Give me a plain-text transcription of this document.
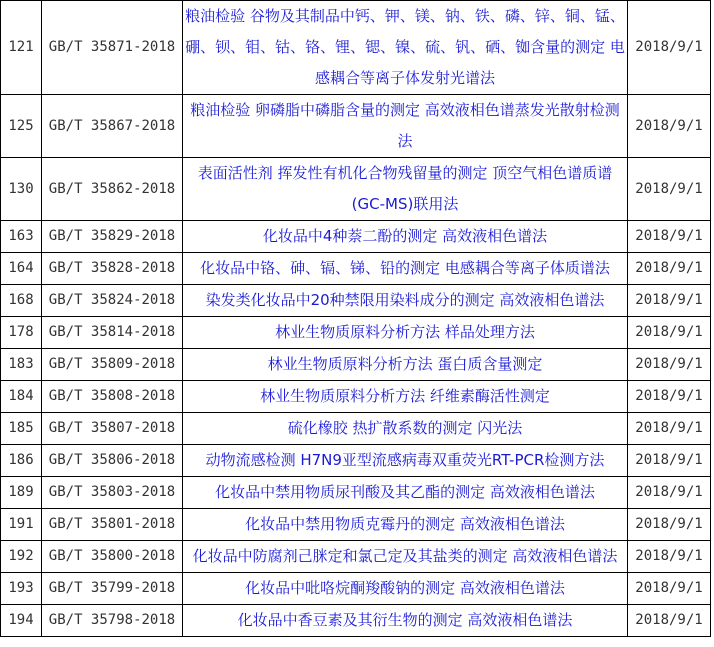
121	GB/T 35871-2018	粮油检验 谷物及其制品中钙、钾、镁、钠、铁、磷、锌、铜、锰、硼、钡、钼、钴、铬、锂、锶、镍、硫、钒、硒、铷含量的测定 电感耦合等离子体发射光谱法	2018/9/1
125	GB/T 35867-2018	粮油检验 卵磷脂中磷脂含量的测定 高效液相色谱蒸发光散射检测法	2018/9/1
130	GB/T 35862-2018	表面活性剂 挥发性有机化合物残留量的测定 顶空气相色谱质谱(GC-MS)联用法	2018/9/1
163	GB/T 35829-2018	化妆品中4种萘二酚的测定 高效液相色谱法	2018/9/1
164	GB/T 35828-2018	化妆品中铬、砷、镉、锑、铅的测定 电感耦合等离子体质谱法	2018/9/1
168	GB/T 35824-2018	染发类化妆品中20种禁限用染料成分的测定 高效液相色谱法	2018/9/1
178	GB/T 35814-2018	林业生物质原料分析方法 样品处理方法	2018/9/1
183	GB/T 35809-2018	林业生物质原料分析方法 蛋白质含量测定	2018/9/1
184	GB/T 35808-2018	林业生物质原料分析方法 纤维素酶活性测定	2018/9/1
185	GB/T 35807-2018	硫化橡胶 热扩散系数的测定 闪光法	2018/9/1
186	GB/T 35806-2018	动物流感检测 H7N9亚型流感病毒双重荧光RT-PCR检测方法	2018/9/1
189	GB/T 35803-2018	化妆品中禁用物质尿刊酸及其乙酯的测定 高效液相色谱法	2018/9/1
191	GB/T 35801-2018	化妆品中禁用物质克霉丹的测定 高效液相色谱法	2018/9/1
192	GB/T 35800-2018	化妆品中防腐剂己脒定和氯己定及其盐类的测定 高效液相色谱法	2018/9/1
193	GB/T 35799-2018	化妆品中吡咯烷酮羧酸钠的测定 高效液相色谱法	2018/9/1
194	GB/T 35798-2018	化妆品中香豆素及其衍生物的测定 高效液相色谱法	2018/9/1
